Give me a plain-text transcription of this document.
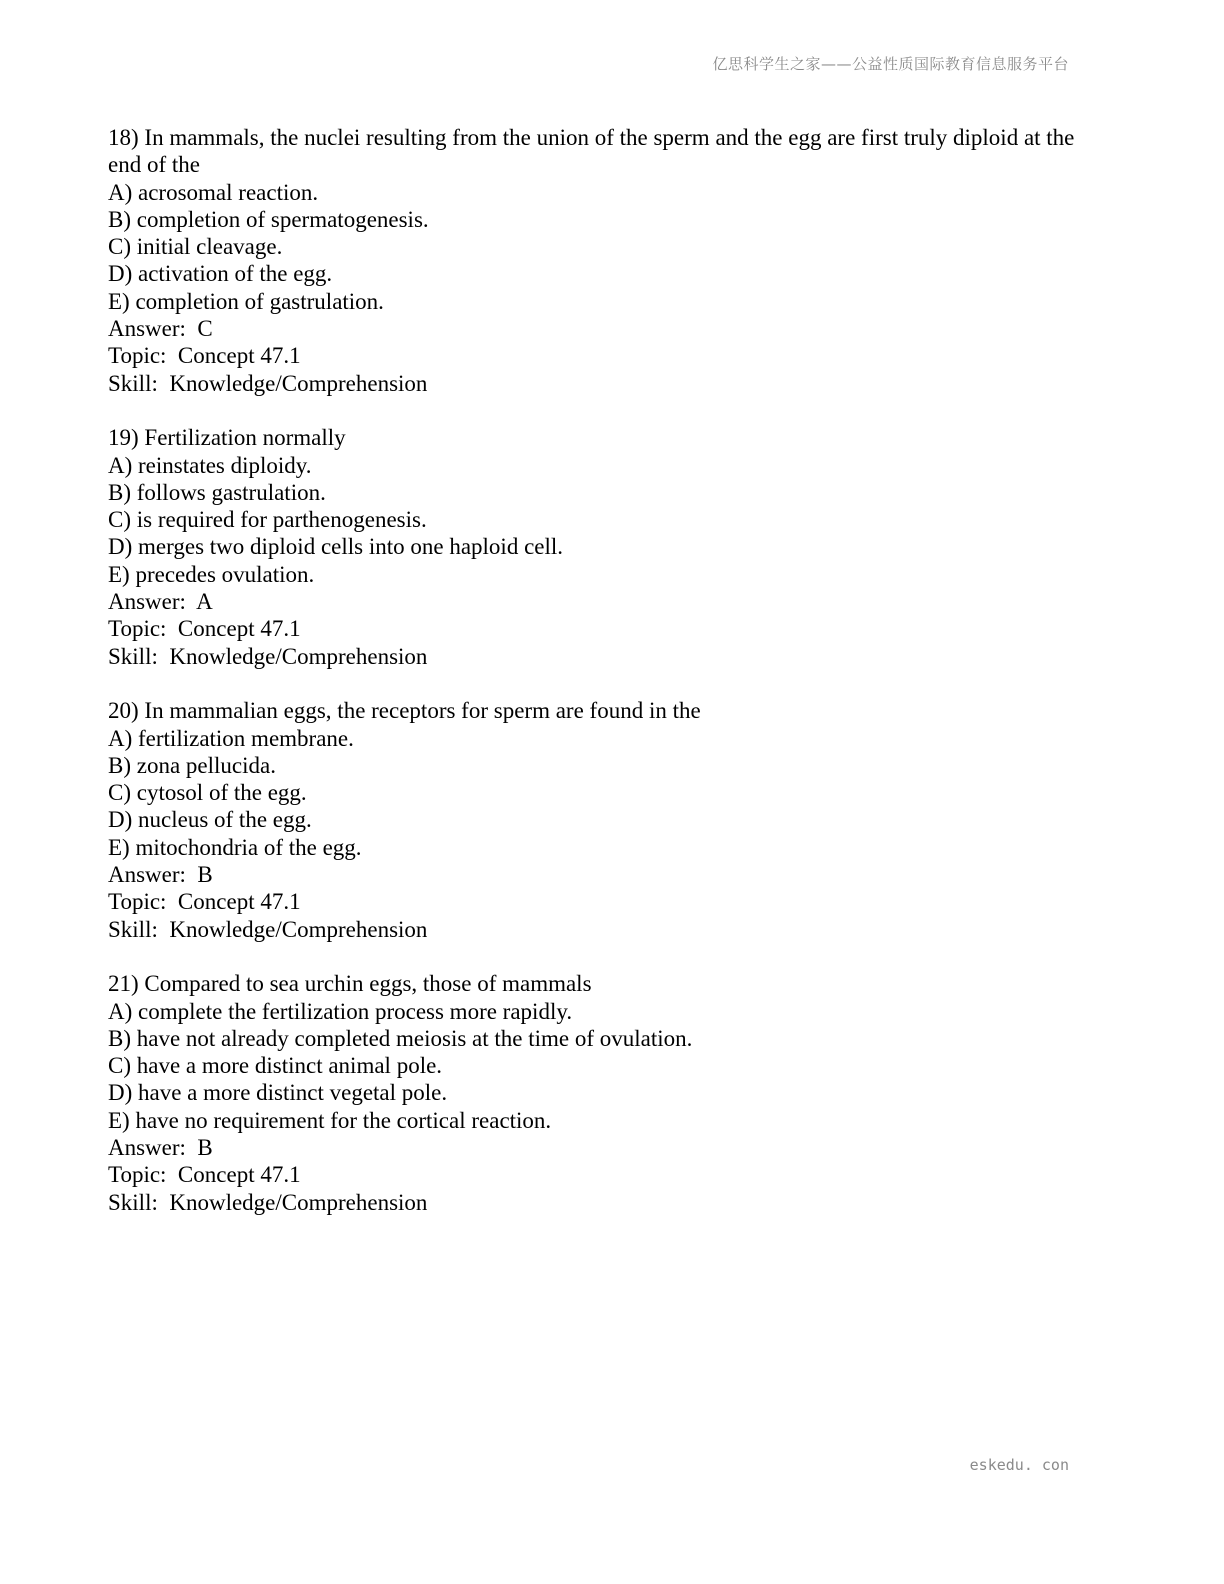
亿思科学生之家——公益性质国际教育信息服务平台
18) In mammals, the nuclei resulting from the union of the sperm and the egg are first truly diploid at the end of the
A) acrosomal reaction.
B) completion of spermatogenesis.
C) initial cleavage.
D) activation of the egg.
E) completion of gastrulation.
Answer:  C
Topic:  Concept 47.1
Skill:  Knowledge/Comprehension
19) Fertilization normally
A) reinstates diploidy.
B) follows gastrulation.
C) is required for parthenogenesis.
D) merges two diploid cells into one haploid cell.
E) precedes ovulation.
Answer:  A
Topic:  Concept 47.1
Skill:  Knowledge/Comprehension
20) In mammalian eggs, the receptors for sperm are found in the
A) fertilization membrane.
B) zona pellucida.
C) cytosol of the egg.
D) nucleus of the egg.
E) mitochondria of the egg.
Answer:  B
Topic:  Concept 47.1
Skill:  Knowledge/Comprehension
21) Compared to sea urchin eggs, those of mammals
A) complete the fertilization process more rapidly.
B) have not already completed meiosis at the time of ovulation.
C) have a more distinct animal pole.
D) have a more distinct vegetal pole.
E) have no requirement for the cortical reaction.
Answer:  B
Topic:  Concept 47.1
Skill:  Knowledge/Comprehension
eskedu. con
